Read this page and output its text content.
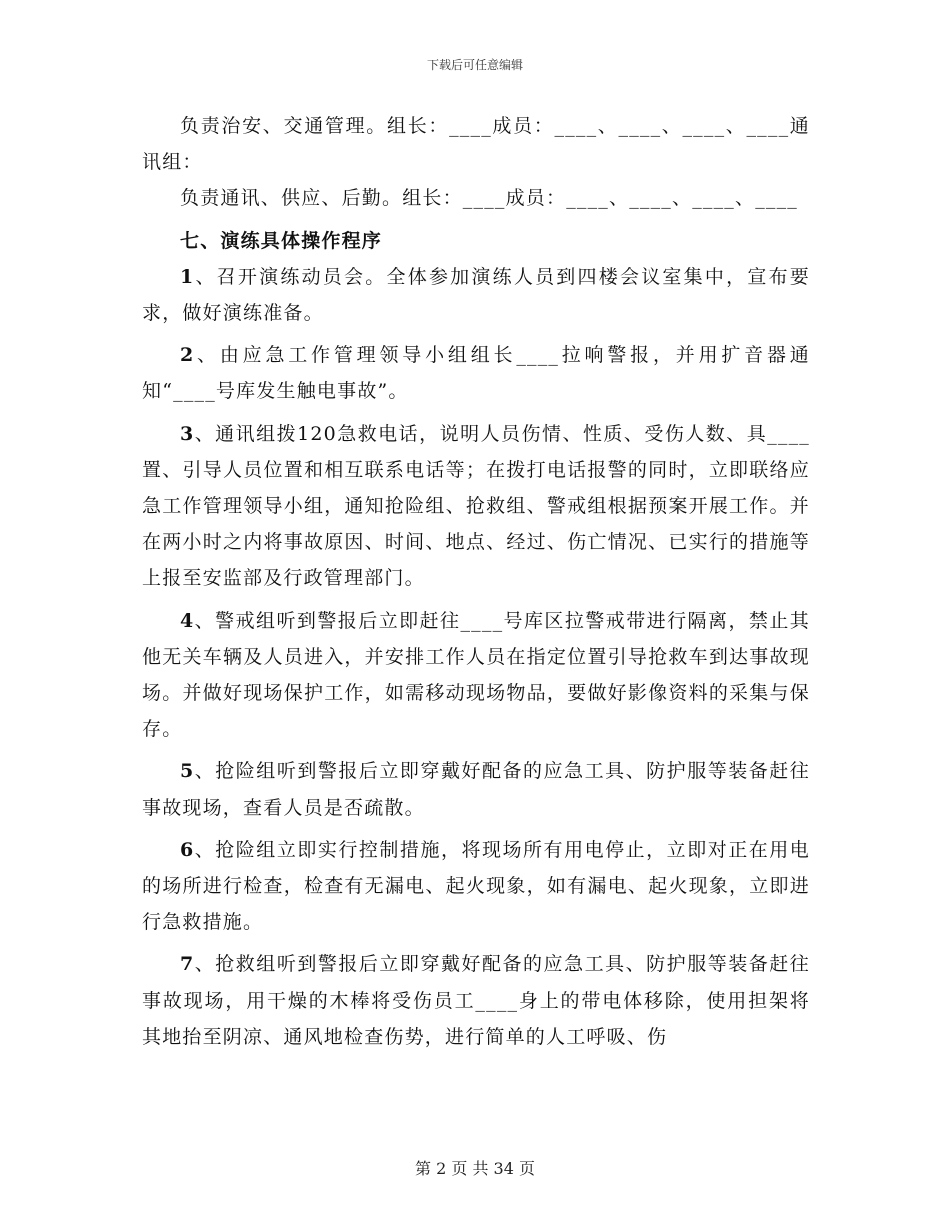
下载后可任意编辑

负责治安、交通管理。组长：____成员：____、____、____、____通讯组：

负责通讯、供应、后勤。组长：____成员：____、____、____、____

七、演练具体操作程序

1、召开演练动员会。全体参加演练人员到四楼会议室集中，宣布要求，做好演练准备。

2、由应急工作管理领导小组组长____拉响警报，并用扩音器通知“____号库发生触电事故”。

3、通讯组拨120急救电话，说明人员伤情、性质、受伤人数、具____置、引导人员位置和相互联系电话等；在拨打电话报警的同时，立即联络应急工作管理领导小组，通知抢险组、抢救组、警戒组根据预案开展工作。并在两小时之内将事故原因、时间、地点、经过、伤亡情况、已实行的措施等上报至安监部及行政管理部门。

4、警戒组听到警报后立即赶往____号库区拉警戒带进行隔离，禁止其他无关车辆及人员进入，并安排工作人员在指定位置引导抢救车到达事故现场。并做好现场保护工作，如需移动现场物品，要做好影像资料的采集与保存。

5、抢险组听到警报后立即穿戴好配备的应急工具、防护服等装备赶往事故现场，查看人员是否疏散。

6、抢险组立即实行控制措施，将现场所有用电停止，立即对正在用电的场所进行检查，检查有无漏电、起火现象，如有漏电、起火现象，立即进行急救措施。

7、抢救组听到警报后立即穿戴好配备的应急工具、防护服等装备赶往事故现场，用干燥的木棒将受伤员工____身上的带电体移除，使用担架将其地抬至阴凉、通风地检查伤势，进行简单的人工呼吸、伤

第 2 页 共 34 页
